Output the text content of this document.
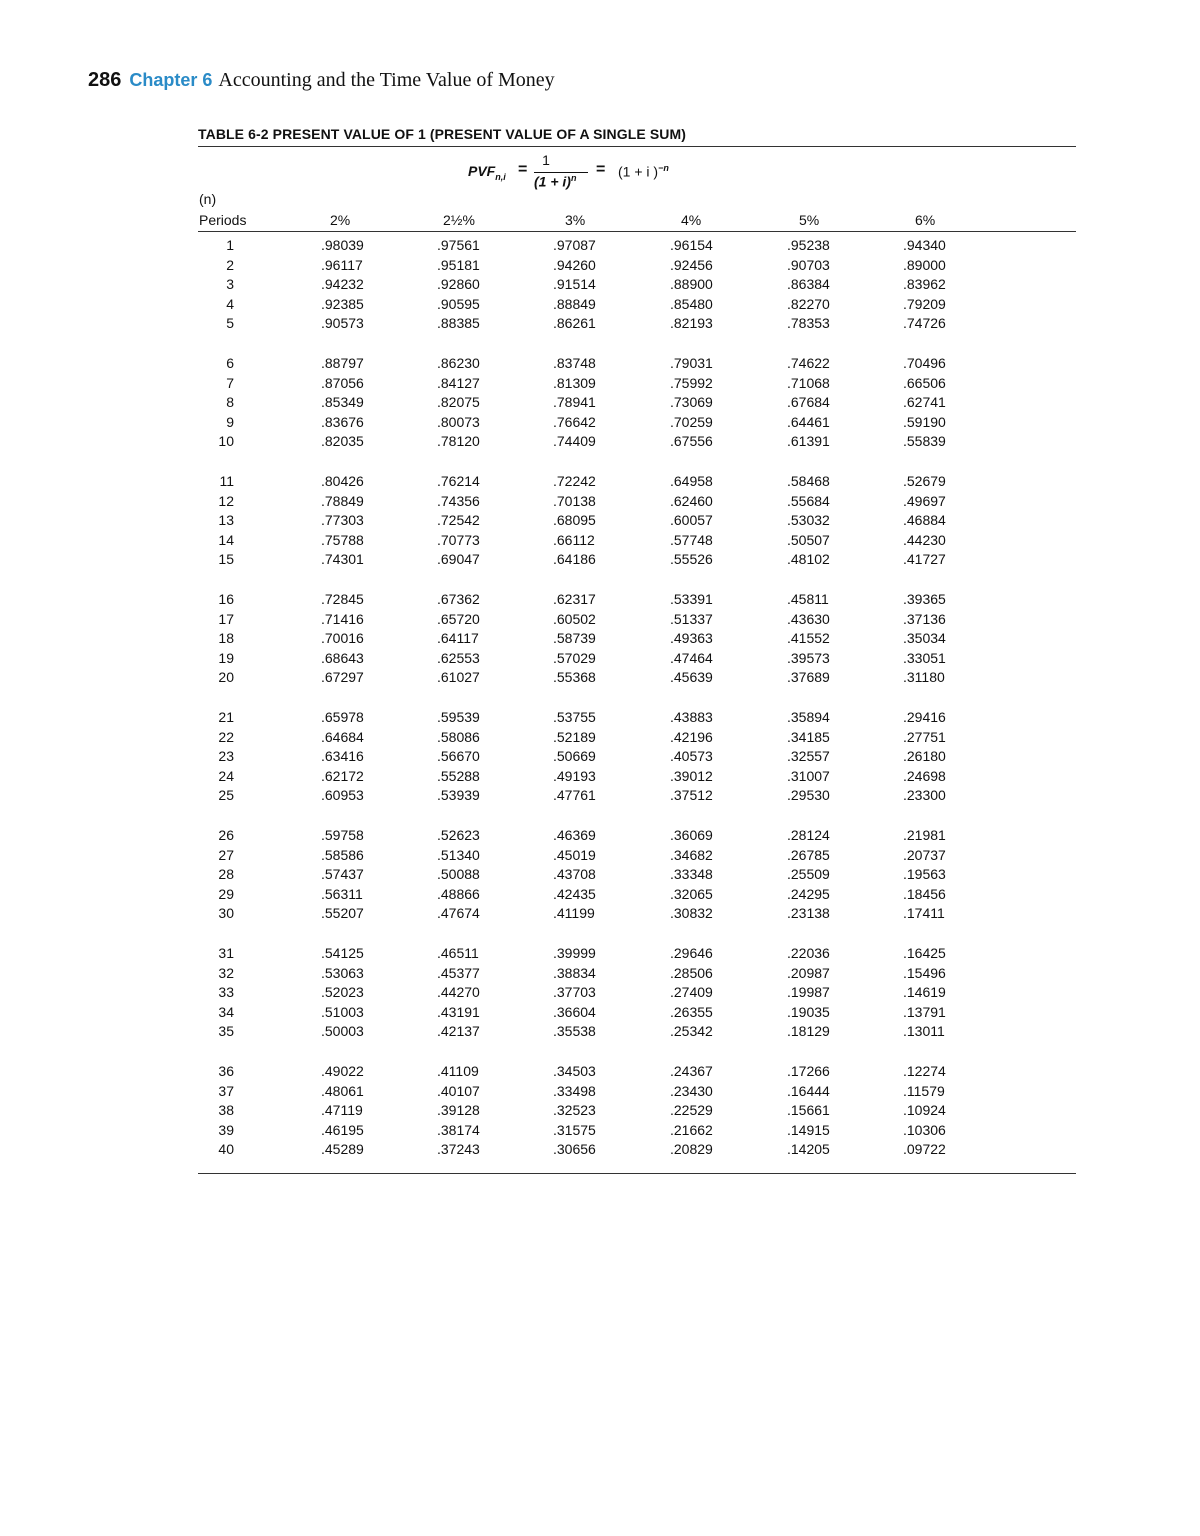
286 Chapter 6 Accounting and the Time Value of Money
TABLE 6-2 PRESENT VALUE OF 1 (PRESENT VALUE OF A SINGLE SUM)
$PVF_{n,i}$ =
1
$(1 + i)^n = (1 + i$ )$^{-n}$
(n)
Periods	2%	2½%	3%	4%	5%	6%
1	.98039	.97561	.97087	.96154	.95238	.94340
2	.96117	.95181	.94260	.92456	.90703	.89000
3	.94232	.92860	.91514	.88900	.86384	.83962
4	.92385	.90595	.88849	.85480	.82270	.79209
5	.90573	.88385	.86261	.82193	.78353	.74726
6	.88797	.86230	.83748	.79031	.74622	.70496
7	.87056	.84127	.81309	.75992	.71068	.66506
8	.85349	.82075	.78941	.73069	.67684	.62741
9	.83676	.80073	.76642	.70259	.64461	.59190
10	.82035	.78120	.74409	.67556	.61391	.55839
11	.80426	.76214	.72242	.64958	.58468	.52679
12	.78849	.74356	.70138	.62460	.55684	.49697
13	.77303	.72542	.68095	.60057	.53032	.46884
14	.75788	.70773	.66112	.57748	.50507	.44230
15	.74301	.69047	.64186	.55526	.48102	.41727
16	.72845	.67362	.62317	.53391	.45811	.39365
17	.71416	.65720	.60502	.51337	.43630	.37136
18	.70016	.64117	.58739	.49363	.41552	.35034
19	.68643	.62553	.57029	.47464	.39573	.33051
20	.67297	.61027	.55368	.45639	.37689	.31180
21	.65978	.59539	.53755	.43883	.35894	.29416
22	.64684	.58086	.52189	.42196	.34185	.27751
23	.63416	.56670	.50669	.40573	.32557	.26180
24	.62172	.55288	.49193	.39012	.31007	.24698
25	.60953	.53939	.47761	.37512	.29530	.23300
26	.59758	.52623	.46369	.36069	.28124	.21981
27	.58586	.51340	.45019	.34682	.26785	.20737
28	.57437	.50088	.43708	.33348	.25509	.19563
29	.56311	.48866	.42435	.32065	.24295	.18456
30	.55207	.47674	.41199	.30832	.23138	.17411
31	.54125	.46511	.39999	.29646	.22036	.16425
32	.53063	.45377	.38834	.28506	.20987	.15496
33	.52023	.44270	.37703	.27409	.19987	.14619
34	.51003	.43191	.36604	.26355	.19035	.13791
35	.50003	.42137	.35538	.25342	.18129	.13011
36	.49022	.41109	.34503	.24367	.17266	.12274
37	.48061	.40107	.33498	.23430	.16444	.11579
38	.47119	.39128	.32523	.22529	.15661	.10924
39	.46195	.38174	.31575	.21662	.14915	.10306
40	.45289	.37243	.30656	.20829	.14205	.09722
